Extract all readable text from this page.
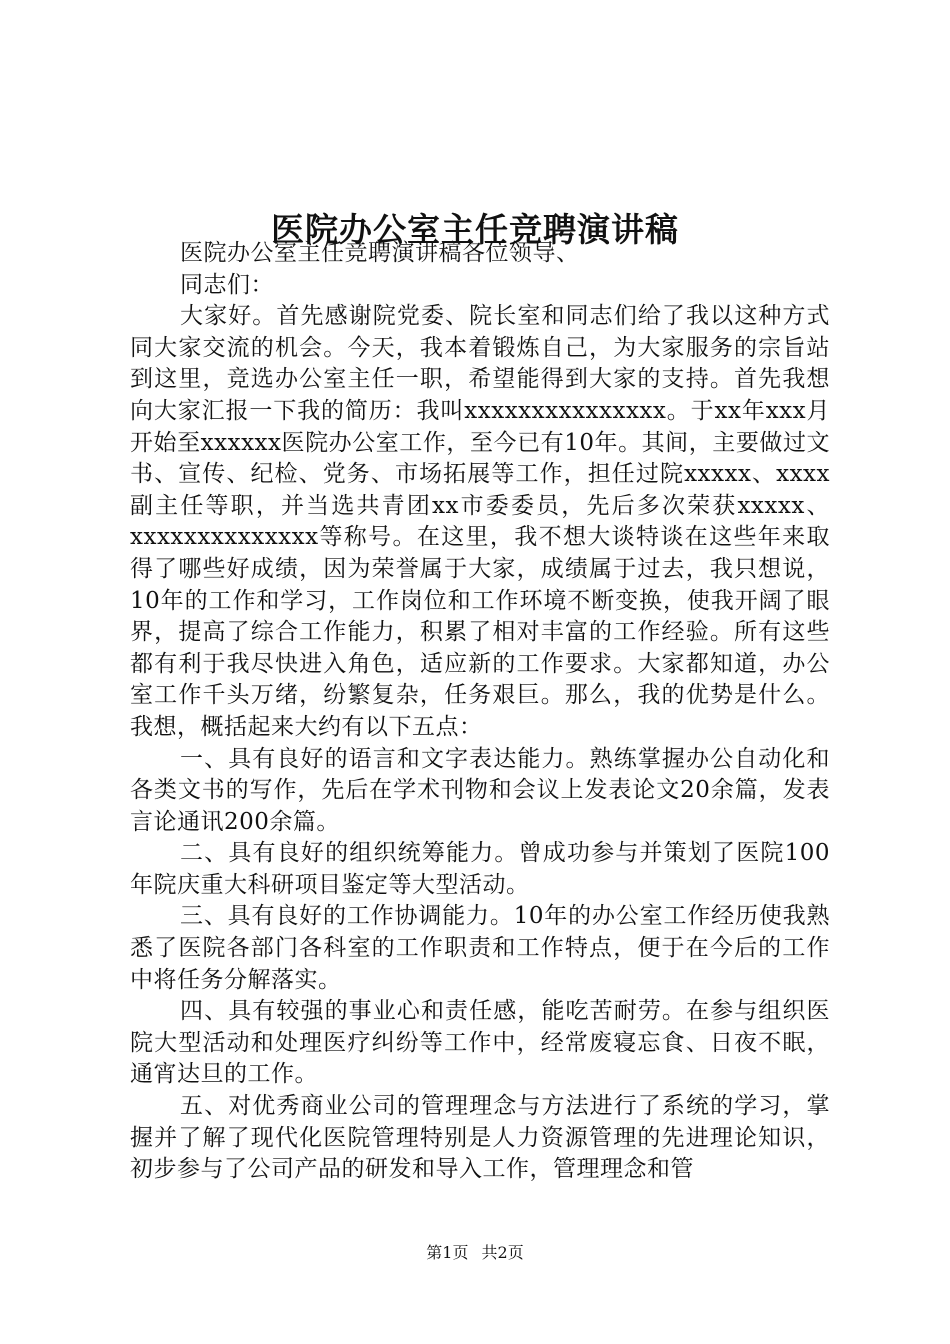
医院办公室主任竞聘演讲稿

医院办公室主任竞聘演讲稿各位领导、

同志们：

大家好。首先感谢院党委、院长室和同志们给了我以这种方式同大家交流的机会。今天，我本着锻炼自己，为大家服务的宗旨站到这里，竞选办公室主任一职，希望能得到大家的支持。首先我想向大家汇报一下我的简历：我叫xxxxxxxxxxxxxxx。于xx年xxx月开始至xxxxxx医院办公室工作，至今已有10年。其间，主要做过文书、宣传、纪检、党务、市场拓展等工作，担任过院xxxxx、xxxx副主任等职，并当选共青团xx市委委员，先后多次荣获xxxxx、xxxxxxxxxxxxxx等称号。在这里，我不想大谈特谈在这些年来取得了哪些好成绩，因为荣誉属于大家，成绩属于过去，我只想说，10年的工作和学习，工作岗位和工作环境不断变换，使我开阔了眼界，提高了综合工作能力，积累了相对丰富的工作经验。所有这些都有利于我尽快进入角色，适应新的工作要求。大家都知道，办公室工作千头万绪，纷繁复杂，任务艰巨。那么，我的优势是什么。我想，概括起来大约有以下五点：

一、具有良好的语言和文字表达能力。熟练掌握办公自动化和各类文书的写作，先后在学术刊物和会议上发表论文20余篇，发表言论通讯200余篇。

二、具有良好的组织统筹能力。曾成功参与并策划了医院100年院庆重大科研项目鉴定等大型活动。

三、具有良好的工作协调能力。10年的办公室工作经历使我熟悉了医院各部门各科室的工作职责和工作特点，便于在今后的工作中将任务分解落实。

四、具有较强的事业心和责任感，能吃苦耐劳。在参与组织医院大型活动和处理医疗纠纷等工作中，经常废寝忘食、日夜不眠，通宵达旦的工作。

五、对优秀商业公司的管理理念与方法进行了系统的学习，掌握并了解了现代化医院管理特别是人力资源管理的先进理论知识，初步参与了公司产品的研发和导入工作，管理理念和管

第1页 共2页
